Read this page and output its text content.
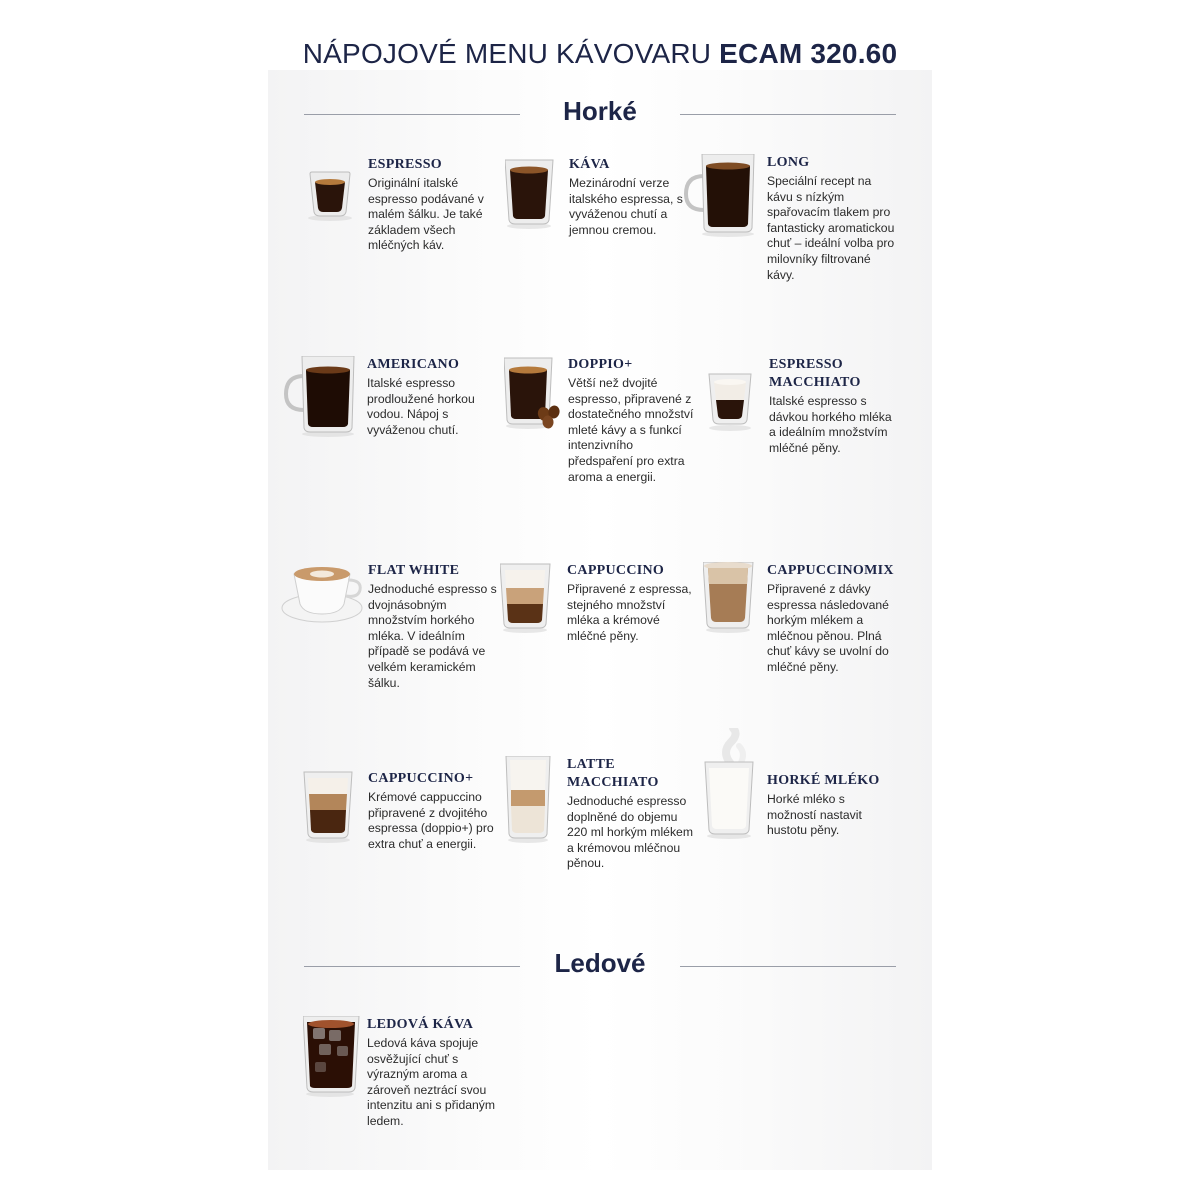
NÁPOJOVÉ MENU KÁVOVARU ECAM 320.60
Horké
Ledové

ESPRESSO

Originální italské espresso podávané v malém šálku. Je také základem všech mléčných káv.

KÁVA

Mezinárodní verze italského espressa, s vyváženou chutí a jemnou cremou.

LONG

Speciální recept na kávu s nízkým spařovacím tlakem pro fantasticky aromatickou chuť – ideální volba pro milovníky filtrované kávy.

AMERICANO

Italské espresso prodloužené horkou vodou. Nápoj s vyváženou chutí.

DOPPIO+

Větší než dvojité espresso, připravené z dostatečného množství mleté kávy a s funkcí intenzivního předspaření pro extra aroma a energii.

ESPRESSO MACCHIATO

Italské espresso s dávkou horkého mléka a ideálním množstvím mléčné pěny.

FLAT WHITE

Jednoduché espresso s dvojnásobným množstvím horkého mléka. V ideálním případě se podává ve velkém keramickém šálku.

CAPPUCCINO

Připravené z espressa, stejného množství mléka a krémové mléčné pěny.

CAPPUCCINOMIX

Připravené z dávky espressa následované horkým mlékem a mléčnou pěnou. Plná chuť kávy se uvolní do mléčné pěny.

CAPPUCCINO+

Krémové cappuccino připravené z dvojitého espressa (doppio+) pro extra chuť a energii.

LATTE MACCHIATO

Jednoduché espresso doplněné do objemu 220 ml horkým mlékem a krémovou mléčnou pěnou.

HORKÉ MLÉKO

Horké mléko s možností nastavit hustotu pěny.

LEDOVÁ KÁVA

Ledová káva spojuje osvěžující chuť s výrazným aroma a zároveň neztrácí svou intenzitu ani s přidaným ledem.
